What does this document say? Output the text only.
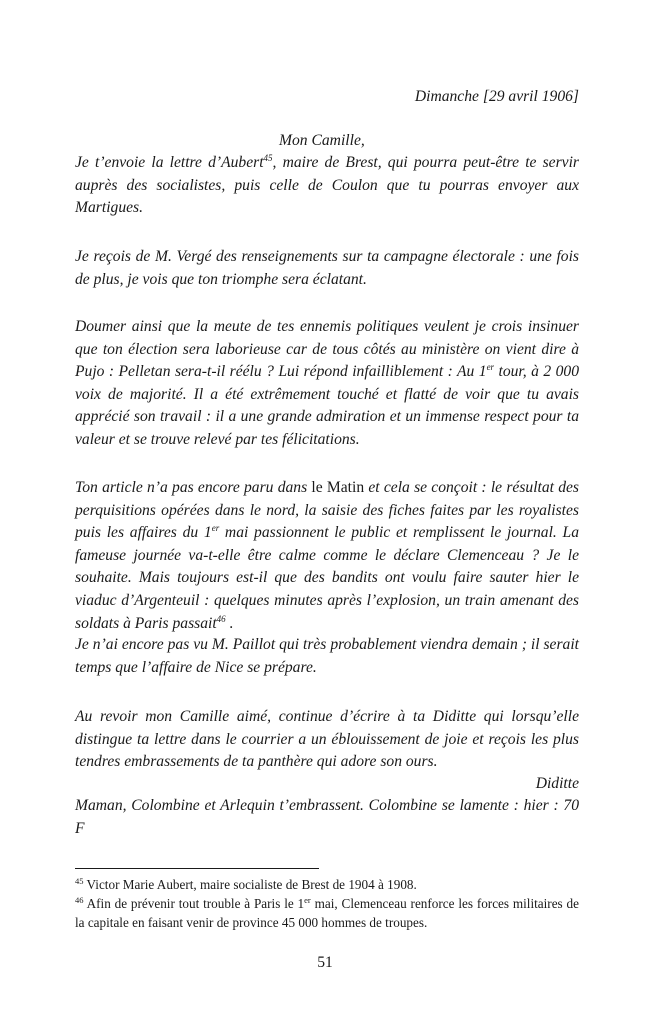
Dimanche [29 avril 1906]

Mon Camille,

Je t’envoie la lettre d’Aubert$^{45}$, maire de Brest, qui pourra peut-être te servir auprès des socialistes, puis celle de Coulon que tu pourras envoyer aux Martigues.

Je reçois de M. Vergé des renseignements sur ta campagne électorale : une fois de plus, je vois que ton triomphe sera éclatant.

Doumer ainsi que la meute de tes ennemis politiques veulent je crois insinuer que ton élection sera laborieuse car de tous côtés au ministère on vient dire à Pujo : Pelletan sera-t-il réélu ? Lui répond infailliblement : Au 1er tour, à 2 000 voix de majorité. Il a été extrêmement touché et flatté de voir que tu avais apprécié son travail : il a une grande admiration et un immense respect pour ta valeur et se trouve relevé par tes félicitations.

Ton article n’a pas encore paru dans le Matin et cela se conçoit : le résultat des perquisitions opérées dans le nord, la saisie des fiches faites par les royalistes puis les affaires du 1er mai passionnent le public et remplissent le journal. La fameuse journée va-t-elle être calme comme le déclare Clemenceau ? Je le souhaite. Mais toujours est-il que des bandits ont voulu faire sauter hier le viaduc d’Argenteuil : quelques minutes après l’explosion, un train amenant des soldats à Paris passait$^{46}$ .

Je n’ai encore pas vu M. Paillot qui très probablement viendra demain ; il serait temps que l’affaire de Nice se prépare.

Au revoir mon Camille aimé, continue d’écrire à ta Diditte qui lorsqu’elle distingue ta lettre dans le courrier a un éblouissement de joie et reçois les plus tendres embrassements de ta panthère qui adore son ours.

Diditte

Maman, Colombine et Arlequin t’embrassent. Colombine se lamente : hier : 70 F

$^{45}$ Victor Marie Aubert, maire socialiste de Brest de 1904 à 1908.

$^{46}$ Afin de prévenir tout trouble à Paris le 1er mai, Clemenceau renforce les forces militaires de la capitale en faisant venir de province 45 000 hommes de troupes.

51
